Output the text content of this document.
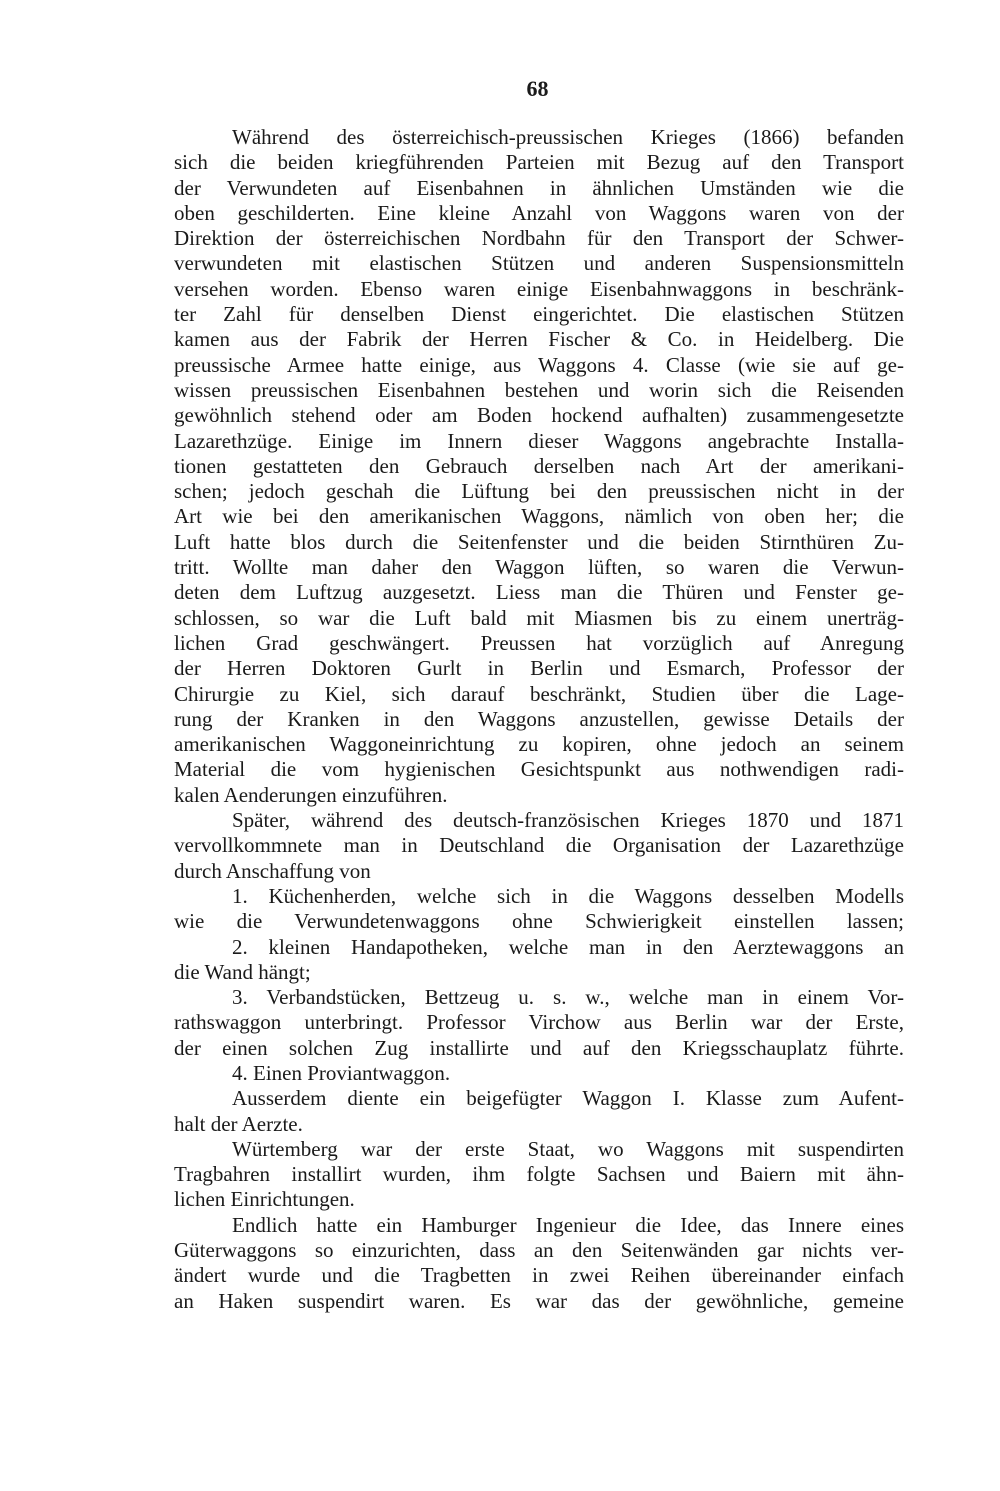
68
Während des österreichisch-preussischen Krieges (1866) befanden
sich die beiden kriegführenden Parteien mit Bezug auf den Transport
der Verwundeten auf Eisenbahnen in ähnlichen Umständen wie die
oben geschilderten. Eine kleine Anzahl von Waggons waren von der
Direktion der österreichischen Nordbahn für den Transport der Schwer-
verwundeten mit elastischen Stützen und anderen Suspensionsmitteln
versehen worden. Ebenso waren einige Eisenbahnwaggons in beschränk-
ter Zahl für denselben Dienst eingerichtet. Die elastischen Stützen
kamen aus der Fabrik der Herren Fischer & Co. in Heidelberg. Die
preussische Armee hatte einige, aus Waggons 4. Classe (wie sie auf ge-
wissen preussischen Eisenbahnen bestehen und worin sich die Reisenden
gewöhnlich stehend oder am Boden hockend aufhalten) zusammengesetzte
Lazarethzüge. Einige im Innern dieser Waggons angebrachte Installa-
tionen gestatteten den Gebrauch derselben nach Art der amerikani-
schen; jedoch geschah die Lüftung bei den preussischen nicht in der
Art wie bei den amerikanischen Waggons, nämlich von oben her; die
Luft hatte blos durch die Seitenfenster und die beiden Stirnthüren Zu-
tritt. Wollte man daher den Waggon lüften, so waren die Verwun-
deten dem Luftzug auzgesetzt. Liess man die Thüren und Fenster ge-
schlossen, so war die Luft bald mit Miasmen bis zu einem unerträg-
lichen Grad geschwängert. Preussen hat vorzüglich auf Anregung
der Herren Doktoren Gurlt in Berlin und Esmarch, Professor der
Chirurgie zu Kiel, sich darauf beschränkt, Studien über die Lage-
rung der Kranken in den Waggons anzustellen, gewisse Details der
amerikanischen Waggoneinrichtung zu kopiren, ohne jedoch an seinem
Material die vom hygienischen Gesichtspunkt aus nothwendigen radi-
kalen Aenderungen einzuführen.
Später, während des deutsch-französischen Krieges 1870 und 1871
vervollkommnete man in Deutschland die Organisation der Lazarethzüge
durch Anschaffung von
1. Küchenherden, welche sich in die Waggons desselben Modells
wie die Verwundetenwaggons ohne Schwierigkeit einstellen lassen;
2. kleinen Handapotheken, welche man in den Aerztewaggons an
die Wand hängt;
3. Verbandstücken, Bettzeug u. s. w., welche man in einem Vor-
rathswaggon unterbringt. Professor Virchow aus Berlin war der Erste,
der einen solchen Zug installirte und auf den Kriegsschauplatz führte.
4. Einen Proviantwaggon.
Ausserdem diente ein beigefügter Waggon I. Klasse zum Aufent-
halt der Aerzte.
Würtemberg war der erste Staat, wo Waggons mit suspendirten
Tragbahren installirt wurden, ihm folgte Sachsen und Baiern mit ähn-
lichen Einrichtungen.
Endlich hatte ein Hamburger Ingenieur die Idee, das Innere eines
Güterwaggons so einzurichten, dass an den Seitenwänden gar nichts ver-
ändert wurde und die Tragbetten in zwei Reihen übereinander einfach
an Haken suspendirt waren. Es war das der gewöhnliche, gemeine
